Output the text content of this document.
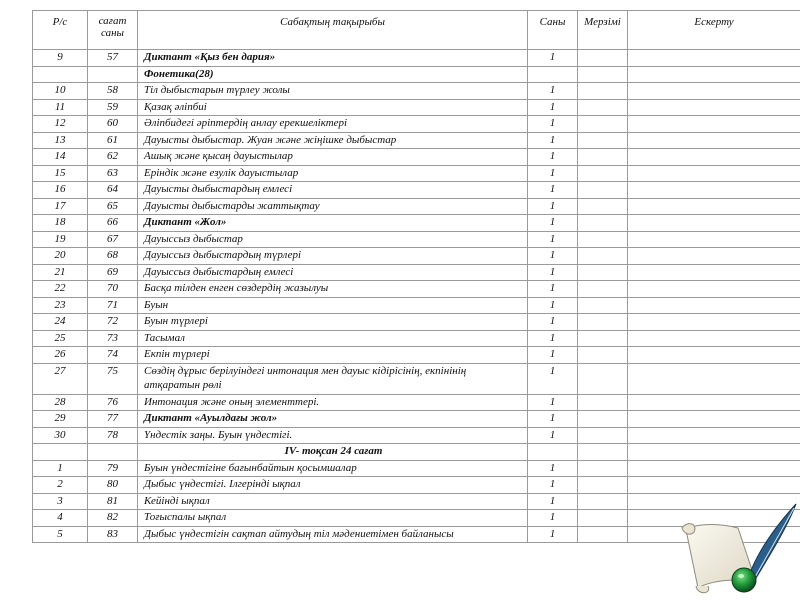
Р/с	сағат саны	Сабақтың тақырыбы	Саны	Мерзімі	Ескерту
9	57	Диктант «Қыз бен дария»	1		
		Фонетика(28)			
10	58	Тіл дыбыстарын түрлеу жолы	1		
11	59	Қазақ әліпбиі	1		
12	60	Әліпбидегі әріптердің анлау ерекшеліктері	1		
13	61	Дауысты дыбыстар. Жуан және жіңішке дыбыстар	1		
14	62	Ашық және қысаң дауыстылар	1		
15	63	Еріндік және езулік дауыстылар	1		
16	64	Дауысты дыбыстардың емлесі	1		
17	65	Дауысты дыбыстарды жаттықтау	1		
18	66	Диктант «Жол»	1		
19	67	Дауыссыз дыбыстар	1		
20	68	Дауыссыз дыбыстардың түрлері	1		
21	69	Дауыссыз дыбыстардың емлесі	1		
22	70	Басқа тілден енген сөздердің жазылуы	1		
23	71	Буын	1		
24	72	Буын түрлері	1		
25	73	Тасымал	1		
26	74	Екпін түрлері	1		
27	75	Сөздің дұрыс берілуіндегі интонация мен дауыс кідірісінің, екпінінің атқаратын рөлі	1		
28	76	Интонация және оның элементтері.	1		
29	77	Диктант «Ауылдағы жол»	1		
30	78	Үндестік заңы. Буын үндестігі.	1		
		IV- тоқсан 24 сағат			
1	79	Буын үндестігіне бағынбайтын қосымшалар	1		
2	80	Дыбыс үндестігі. Ілгерінді ықпал	1		
3	81	Кейінді ықпал	1		
4	82	Тоғыспалы ықпал	1		
5	83	Дыбыс үндестігін сақтап айтудың тіл мәдениетімен байланысы	1		
